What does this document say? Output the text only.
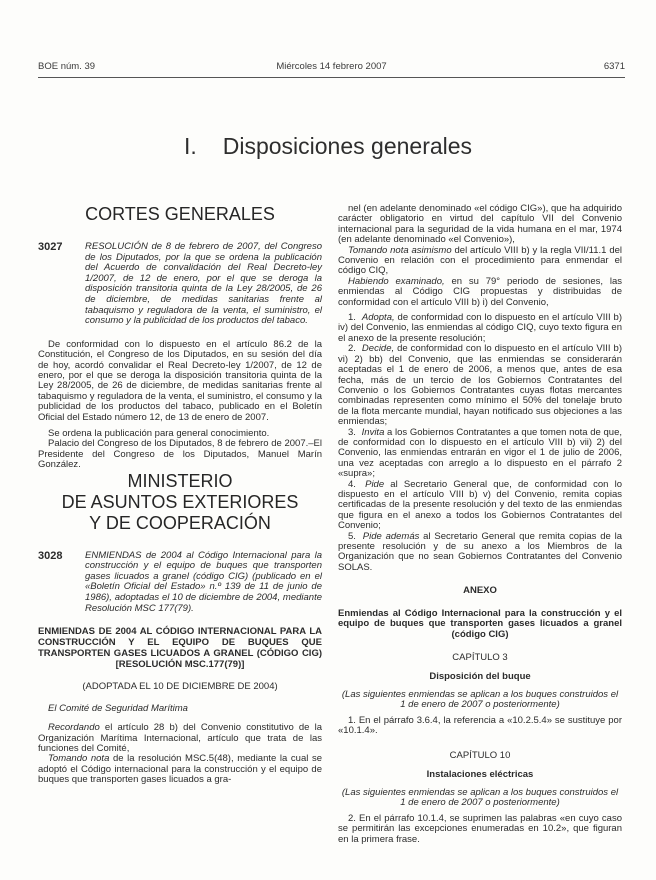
BOE núm. 39	Miércoles 14 febrero 2007	6371
I. Disposiciones generales
CORTES GENERALES
3027	RESOLUCIÓN de 8 de febrero de 2007, del Congreso de los Diputados, por la que se ordena la publicación del Acuerdo de convalidación del Real Decreto-ley 1/2007, de 12 de enero, por el que se deroga la disposición transitoria quinta de la Ley 28/2005, de 26 de diciembre, de medidas sanitarias frente al tabaquismo y reguladora de la venta, el suministro, el consumo y la publicidad de los productos del tabaco.

De conformidad con lo dispuesto en el artículo 86.2 de la Constitución, el Congreso de los Diputados, en su sesión del día de hoy, acordó convalidar el Real Decreto-ley 1/2007, de 12 de enero, por el que se deroga la disposición transitoria quinta de la Ley 28/2005, de 26 de diciembre, de medidas sanitarias frente al tabaquismo y reguladora de la venta, el suministro, el consumo y la publicidad de los productos del tabaco, publicado en el Boletín Oficial del Estado número 12, de 13 de enero de 2007.

Se ordena la publicación para general conocimiento.

Palacio del Congreso de los Diputados, 8 de febrero de 2007.–El Presidente del Congreso de los Diputados, Manuel Marín González.

MINISTERIO
DE ASUNTOS EXTERIORES
Y DE COOPERACIÓN
3028	ENMIENDAS de 2004 al Código Internacional para la construcción y el equipo de buques que transporten gases licuados a granel (código CIG) (publicado en el «Boletín Oficial del Estado» n.º 139 de 11 de junio de 1986), adoptadas el 10 de diciembre de 2004, mediante Resolución MSC 177(79).
ENMIENDAS DE 2004 AL CÓDIGO INTERNACIONAL PARA LA CONSTRUCCIÓN Y EL EQUIPO DE BUQUES QUE TRANSPORTEN GASES LICUADOS A GRANEL (CÓDIGO CIG) [RESOLUCIÓN MSC.177(79)]

(ADOPTADA EL 10 DE DICIEMBRE DE 2004)

El Comité de Seguridad Marítima

Recordando el artículo 28 b) del Convenio constitutivo de la Organización Marítima Internacional, artículo que trata de las funciones del Comité,

Tomando nota de la resolución MSC.5(48), mediante la cual se adoptó el Código internacional para la construcción y el equipo de buques que transporten gases licuados a gra-

nel (en adelante denominado «el código CIG»), que ha adquirido carácter obligatorio en virtud del capítulo VII del Convenio internacional para la seguridad de la vida humana en el mar, 1974 (en adelante denominado «el Convenio»),

Tomando nota asimismo del artículo VIII b) y la regla VII/11.1 del Convenio en relación con el procedimiento para enmendar el código CIQ,

Habiendo examinado, en su 79° periodo de sesiones, las enmiendas al Código CIG propuestas y distribuidas de conformidad con el artículo VIII b) i) del Convenio,

1. Adopta, de conformidad con lo dispuesto en el artículo VIII b) iv) del Convenio, las enmiendas al código CIQ, cuyo texto figura en el anexo de la presente resolución;

2. Decide, de conformidad con lo dispuesto en el artículo VIII b) vi) 2) bb) del Convenio, que las enmiendas se considerarán aceptadas el 1 de enero de 2006, a menos que, antes de esa fecha, más de un tercio de los Gobiernos Contratantes del Convenio o los Gobiernos Contratantes cuyas flotas mercantes combinadas representen como mínimo el 50% del tonelaje bruto de la flota mercante mundial, hayan notificado sus objeciones a las enmiendas;

3. Invita a los Gobiernos Contratantes a que tomen nota de que, de conformidad con lo dispuesto en el artículo VIII b) vii) 2) del Convenio, las enmiendas entrarán en vigor el 1 de julio de 2006, una vez aceptadas con arreglo a lo dispuesto en el párrafo 2 «supra»;

4. Pide al Secretario General que, de conformidad con lo dispuesto en el artículo VIII b) v) del Convenio, remita copias certificadas de la presente resolución y del texto de las enmiendas que figura en el anexo a todos los Gobiernos Contratantes del Convenio;

5. Pide además al Secretario General que remita copias de la presente resolución y de su anexo a los Miembros de la Organización que no sean Gobiernos Contratantes del Convenio SOLAS.

ANEXO

Enmiendas al Código Internacional para la construcción y el equipo de buques que transporten gases licuados a granel (código CIG)

CAPÍTULO 3

Disposición del buque

(Las siguientes enmiendas se aplican a los buques construidos el 1 de enero de 2007 o posteriormente)

1. En el párrafo 3.6.4, la referencia a «10.2.5.4» se sustituye por «10.1.4».

CAPÍTULO 10

Instalaciones eléctricas

(Las siguientes enmiendas se aplican a los buques construidos el 1 de enero de 2007 o posteriormente)

2. En el párrafo 10.1.4, se suprimen las palabras «en cuyo caso se permitirán las excepciones enumeradas en 10.2», que figuran en la primera frase.
